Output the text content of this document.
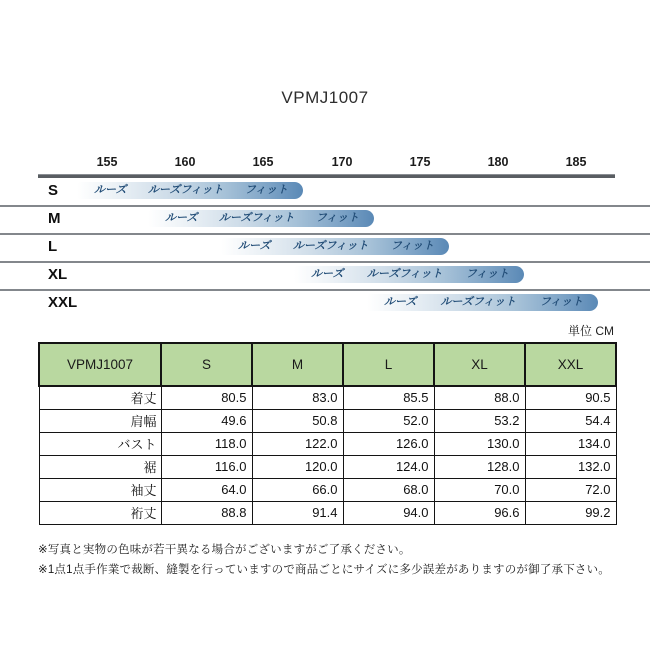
VPMJ1007
155	160	165	170	175	180	185
S	ルーズ ルーズフィット フィット
M	ルーズ ルーズフィット フィット
L	ルーズ ルーズフィット フィット
XL	ルーズ ルーズフィット フィット
XXL	ルーズ ルーズフィット フィット
単位 CM
VPMJ1007	S	M	L	XL	XXL
着丈	80.5	83.0	85.5	88.0	90.5
肩幅	49.6	50.8	52.0	53.2	54.4
バスト	118.0	122.0	126.0	130.0	134.0
裾	116.0	120.0	124.0	128.0	132.0
袖丈	64.0	66.0	68.0	70.0	72.0
裄丈	88.8	91.4	94.0	96.6	99.2
※写真と実物の色味が若干異なる場合がございますがご了承ください。
※1点1点手作業で裁断、縫製を行っていますので商品ごとにサイズに多少誤差がありますのが御了承下さい。
